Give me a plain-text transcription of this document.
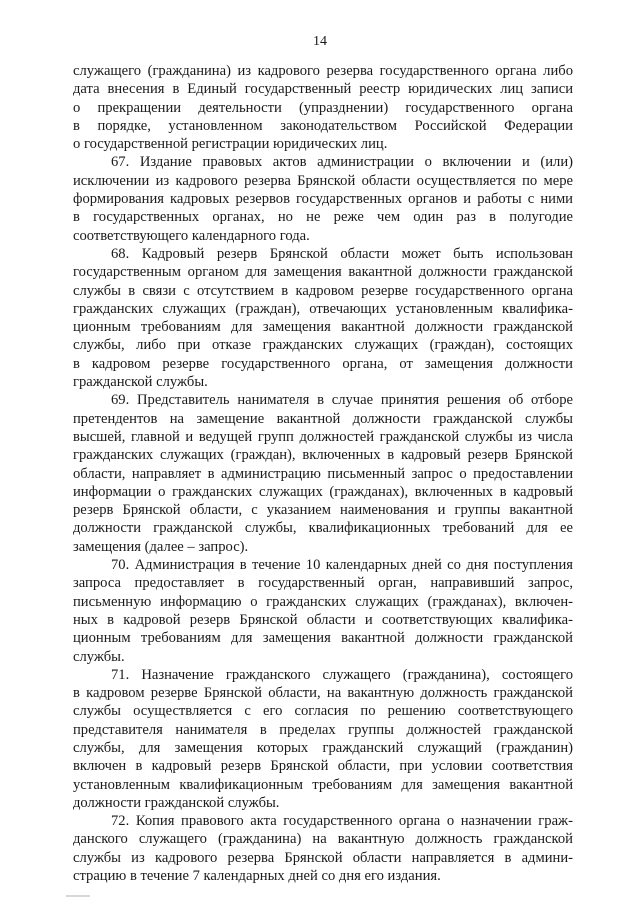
14
служащего (гражданина) из кадрового резерва государственного органа либо
дата внесения в Единый государственный реестр юридических лиц записи
о прекращении деятельности (упразднении) государственного органа
в порядке, установленном законодательством Российской Федерации
о государственной регистрации юридических лиц.
67. Издание правовых актов администрации о включении и (или)
исключении из кадрового резерва Брянской области осуществляется по мере
формирования кадровых резервов государственных органов и работы с ними
в государственных органах, но не реже чем один раз в полугодие
соответствующего календарного года.
68. Кадровый резерв Брянской области может быть использован
государственным органом для замещения вакантной должности гражданской
службы в связи с отсутствием в кадровом резерве государственного органа
гражданских служащих (граждан), отвечающих установленным квалифика-
ционным требованиям для замещения вакантной должности гражданской
службы, либо при отказе гражданских служащих (граждан), состоящих
в кадровом резерве государственного органа, от замещения должности
гражданской службы.
69. Представитель нанимателя в случае принятия решения об отборе
претендентов на замещение вакантной должности гражданской службы
высшей, главной и ведущей групп должностей гражданской службы из числа
гражданских служащих (граждан), включенных в кадровый резерв Брянской
области, направляет в администрацию письменный запрос о предоставлении
информации о гражданских служащих (гражданах), включенных в кадровый
резерв Брянской области, с указанием наименования и группы вакантной
должности гражданской службы, квалификационных требований для ее
замещения (далее – запрос).
70. Администрация в течение 10 календарных дней со дня поступления
запроса предоставляет в государственный орган, направивший запрос,
письменную информацию о гражданских служащих (гражданах), включен-
ных в кадровой резерв Брянской области и соответствующих квалифика-
ционным требованиям для замещения вакантной должности гражданской
службы.
71. Назначение гражданского служащего (гражданина), состоящего
в кадровом резерве Брянской области, на вакантную должность гражданской
службы осуществляется с его согласия по решению соответствующего
представителя нанимателя в пределах группы должностей гражданской
службы, для замещения которых гражданский служащий (гражданин)
включен в кадровый резерв Брянской области, при условии соответствия
установленным квалификационным требованиям для замещения вакантной
должности гражданской службы.
72. Копия правового акта государственного органа о назначении граж-
данского служащего (гражданина) на вакантную должность гражданской
службы из кадрового резерва Брянской области направляется в админи-
страцию в течение 7 календарных дней со дня его издания.
